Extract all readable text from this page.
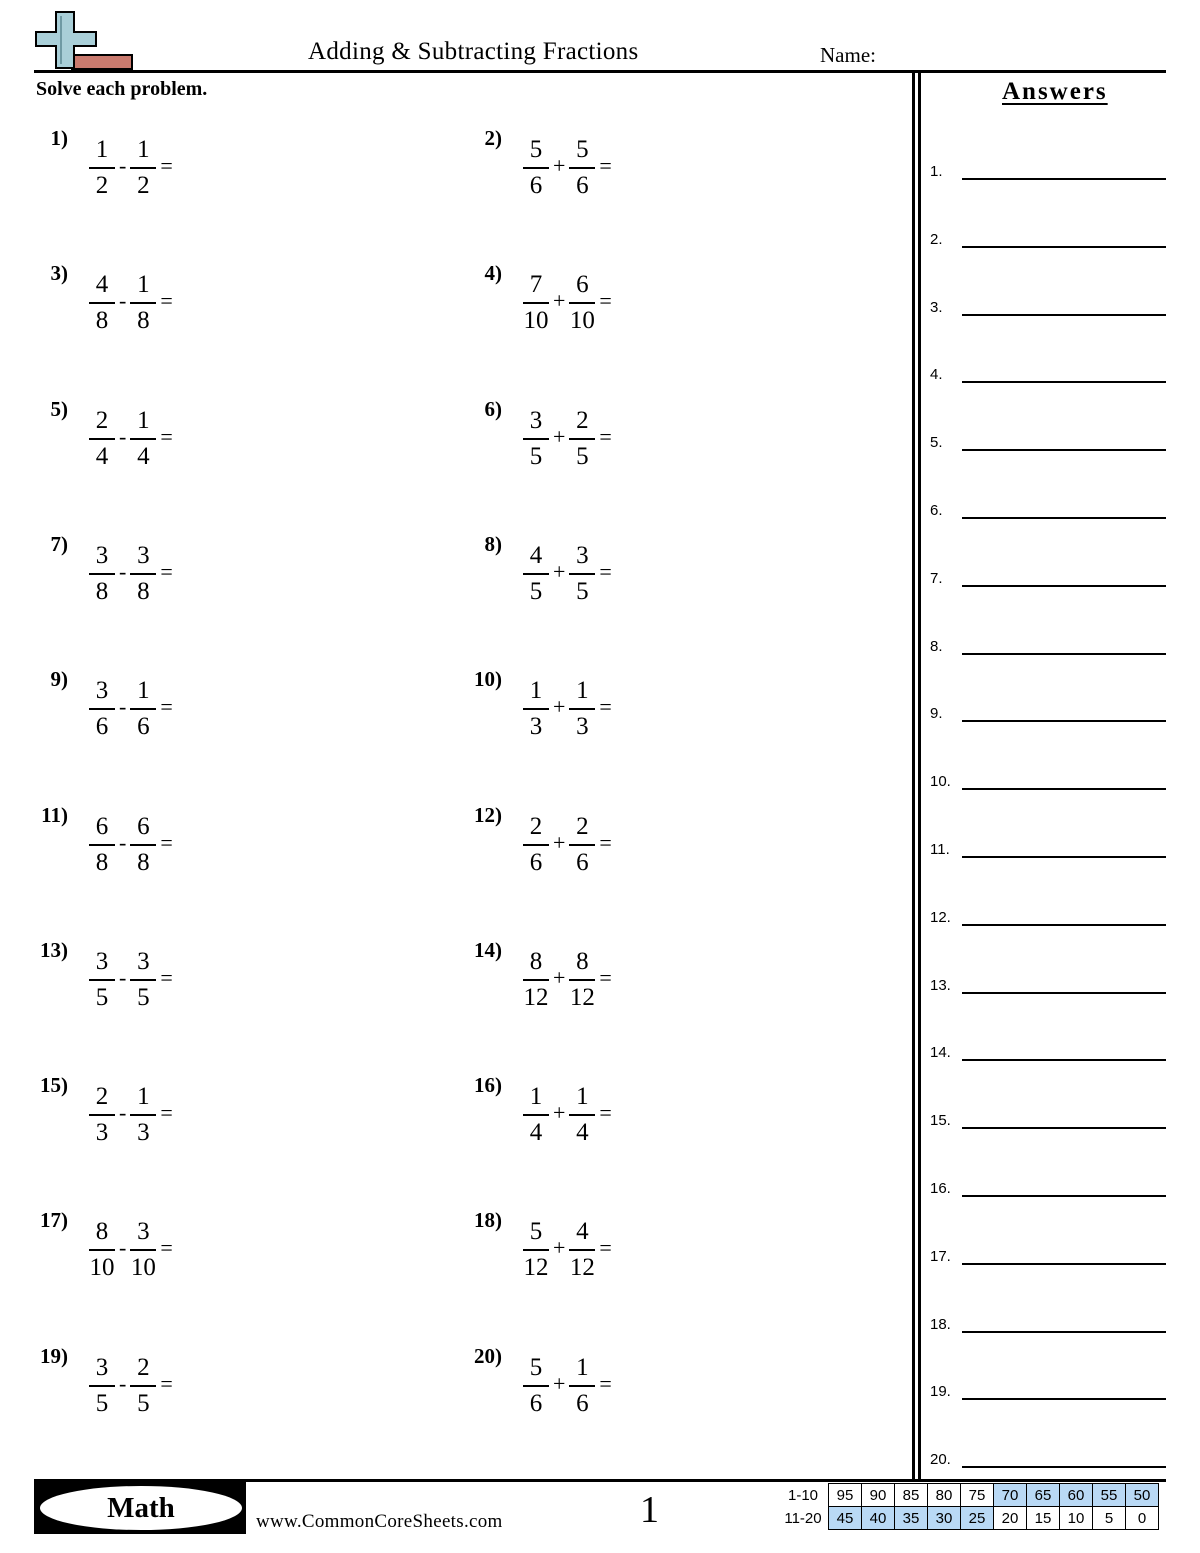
Adding & Subtracting Fractions	Name:
Solve each problem.
$1) \frac{1}{2} - \frac{1}{2}$ =
$2) \frac{5}{6} + \frac{5}{6}$ =
$3) \frac{4}{8} - \frac{1}{8}$ =
$4) \frac{7}{10} + \frac{6}{10}$ =
$5) \frac{2}{4} - \frac{1}{4}$ =
$6) \frac{3}{5} + \frac{2}{5}$ =
$7) \frac{3}{8} - \frac{3}{8}$ =
$8) \frac{4}{5} + \frac{3}{5}$ =
$9) \frac{3}{6} - \frac{1}{6}$ =
$10) \frac{1}{3} + \frac{1}{3}$ =
$11) \frac{6}{8} - \frac{6}{8}$ =
$12) \frac{2}{6} + \frac{2}{6}$ =
$13) \frac{3}{5} - \frac{3}{5}$ =
$14) \frac{8}{12} + \frac{8}{12}$ =
$15) \frac{2}{3} - \frac{1}{3}$ =
$16) \frac{1}{4} + \frac{1}{4}$ =
$17) \frac{8}{10} - \frac{3}{10}$ =
$18) \frac{5}{12} + \frac{4}{12}$ =
$19) \frac{3}{5} - \frac{2}{5}$ =
$20) \frac{5}{6} + \frac{1}{6}$ =
Answers
1.
2.
3.
4.
5.
6.
7.
8.
9.
10.
11.
12.
13.
14.
15.
16.
17.
18.
19.
20.
Math	www.CommonCoreSheets.com	1	1-10	95	90	85	80	75	70	65	60	55	50
11-20	45	40	35	30	25	20	15	10	5	0
